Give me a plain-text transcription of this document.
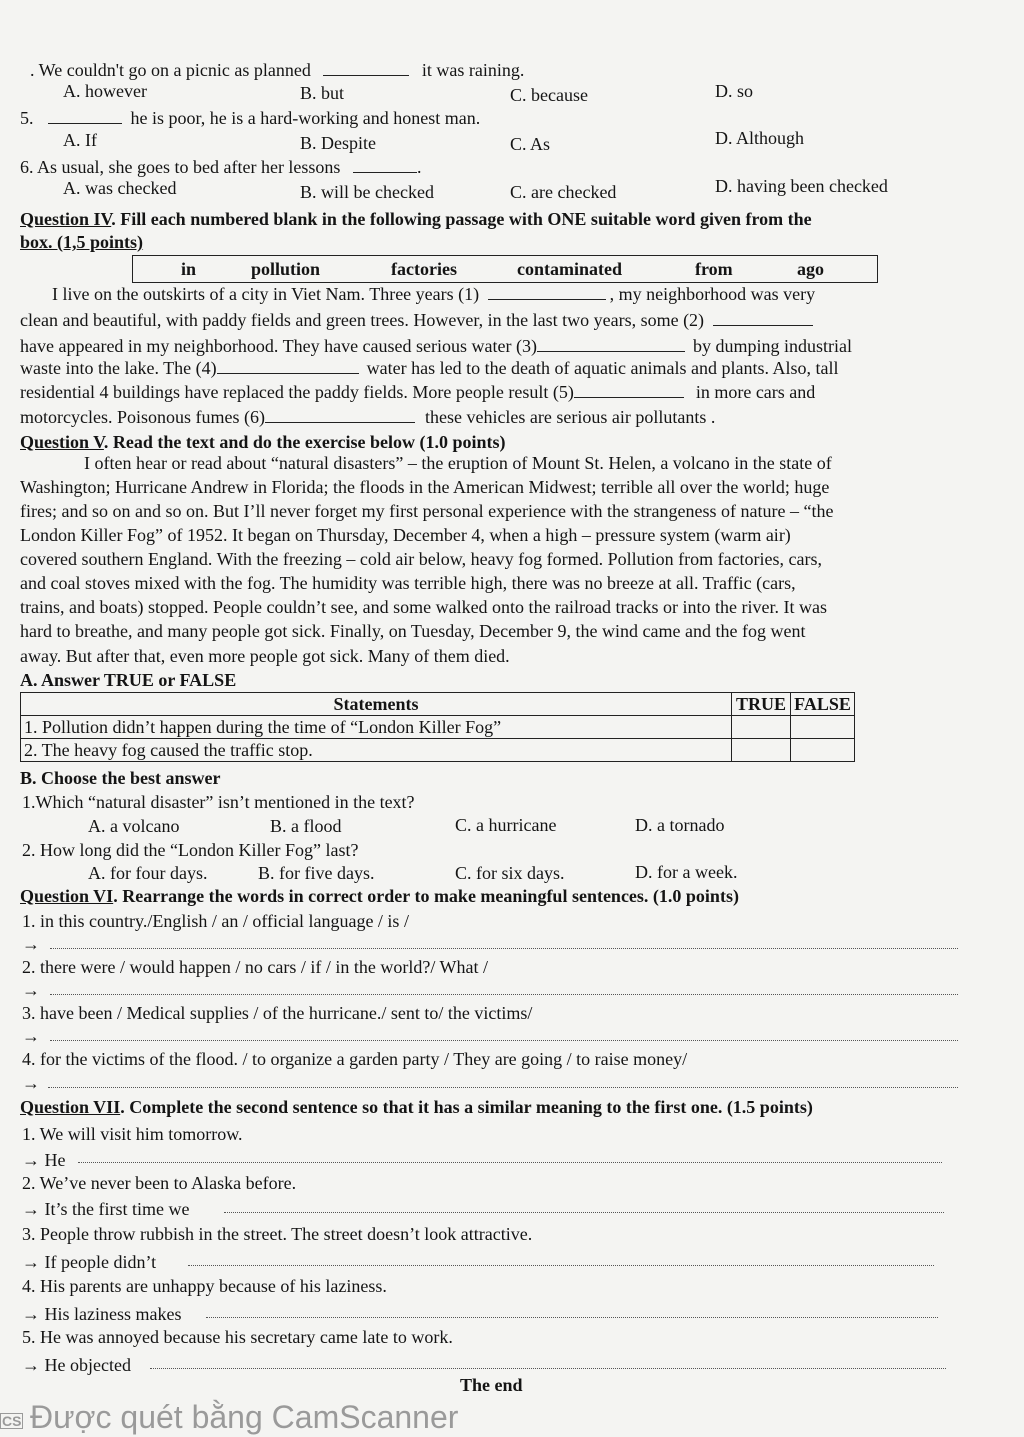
. We couldn't go on a picnic as planned	it was raining.
A. however	B. but	C. because	D. so
5.	he is poor, he is a hard-working and honest man.
A. If	B. Despite	C. As	D. Although
6. As usual, she goes to bed after her lessons	.
A. was checked	B. will be checked	C. are checked	D. having been checked
Question IV. Fill each numbered blank in the following passage with ONE suitable word given from the
box. (1,5 points)
in	pollution	factories	contaminated	from	ago
I live on the outskirts of a city in Viet Nam. Three years (1)	, my neighborhood was very
clean and beautiful, with paddy fields and green trees. However, in the last two years, some (2)
have appeared in my neighborhood. They have caused serious water (3)	by dumping industrial
waste into the lake. The (4)	water has led to the death of aquatic animals and plants. Also, tall
residential 4 buildings have replaced the paddy fields. More people result (5)	in more cars and
motorcycles. Poisonous fumes (6)	these vehicles are serious air pollutants .
Question V. Read the text and do the exercise below (1.0 points)
I often hear or read about “natural disasters” – the eruption of Mount St. Helen, a volcano in the state of
Washington; Hurricane Andrew in Florida; the floods in the American Midwest; terrible all over the world; huge
fires; and so on and so on. But I’ll never forget my first personal experience with the strangeness of nature – “the
London Killer Fog” of 1952. It began on Thursday, December 4, when a high – pressure system (warm air)
covered southern England. With the freezing – cold air below, heavy fog formed. Pollution from factories, cars,
and coal stoves mixed with the fog. The humidity was terrible high, there was no breeze at all. Traffic (cars,
trains, and boats) stopped. People couldn’t see, and some walked onto the railroad tracks or into the river. It was
hard to breathe, and many people got sick. Finally, on Tuesday, December 9, the wind came and the fog went
away. But after that, even more people got sick. Many of them died.
A. Answer TRUE or FALSE
Statements	TRUE	FALSE
1. Pollution didn’t happen during the time of “London Killer Fog”		
2. The heavy fog caused the traffic stop.		
B. Choose the best answer
1.Which “natural disaster” isn’t mentioned in the text?
A. a volcano	B. a flood	C. a hurricane	D. a tornado
2. How long did the “London Killer Fog” last?
A. for four days.	B. for five days.	C. for six days.	D. for a week.
Question VI. Rearrange the words in correct order to make meaningful sentences. (1.0 points)
1. in this country./English / an / official language / is /
→
2. there were / would happen / no cars / if / in the world?/ What /
→
3. have been / Medical supplies / of the hurricane./ sent to/ the victims/
→
4. for the victims of the flood. / to organize a garden party / They are going / to raise money/
→
Question VII. Complete the second sentence so that it has a similar meaning to the first one. (1.5 points)
1. We will visit him tomorrow.
→ He
2. We’ve never been to Alaska before.
→ It’s the first time we
3. People throw rubbish in the street. The street doesn’t look attractive.
→ If people didn’t
4. His parents are unhappy because of his laziness.
→ His laziness makes
5. He was annoyed because his secretary came late to work.
→ He objected
The end
CS Được quét bằng CamScanner
